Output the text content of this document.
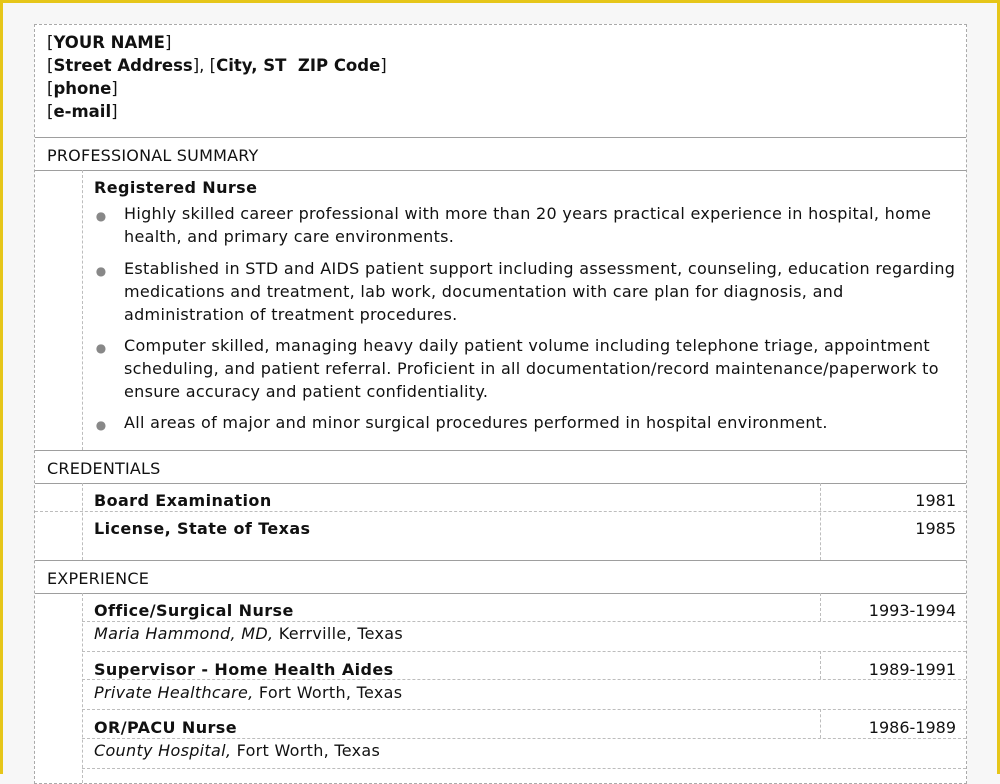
[YOUR NAME]
[Street Address], [City, ST  ZIP Code]
[phone]
[e-mail]
PROFESSIONAL SUMMARY
Registered Nurse
● Highly skilled career professional with more than 20 years practical experience in hospital, home health, and primary care environments.
● Established in STD and AIDS patient support including assessment, counseling, education regarding medications and treatment, lab work, documentation with care plan for diagnosis, and administration of treatment procedures.
● Computer skilled, managing heavy daily patient volume including telephone triage, appointment scheduling, and patient referral. Proficient in all documentation/record maintenance/paperwork to ensure accuracy and patient confidentiality.
● All areas of major and minor surgical procedures performed in hospital environment.
CREDENTIALS
Board Examination	1981
License, State of Texas	1985
EXPERIENCE
Office/Surgical Nurse	1993-1994
Maria Hammond, MD, Kerrville, Texas
Supervisor - Home Health Aides	1989-1991
Private Healthcare, Fort Worth, Texas
OR/PACU Nurse	1986-1989
County Hospital, Fort Worth, Texas
